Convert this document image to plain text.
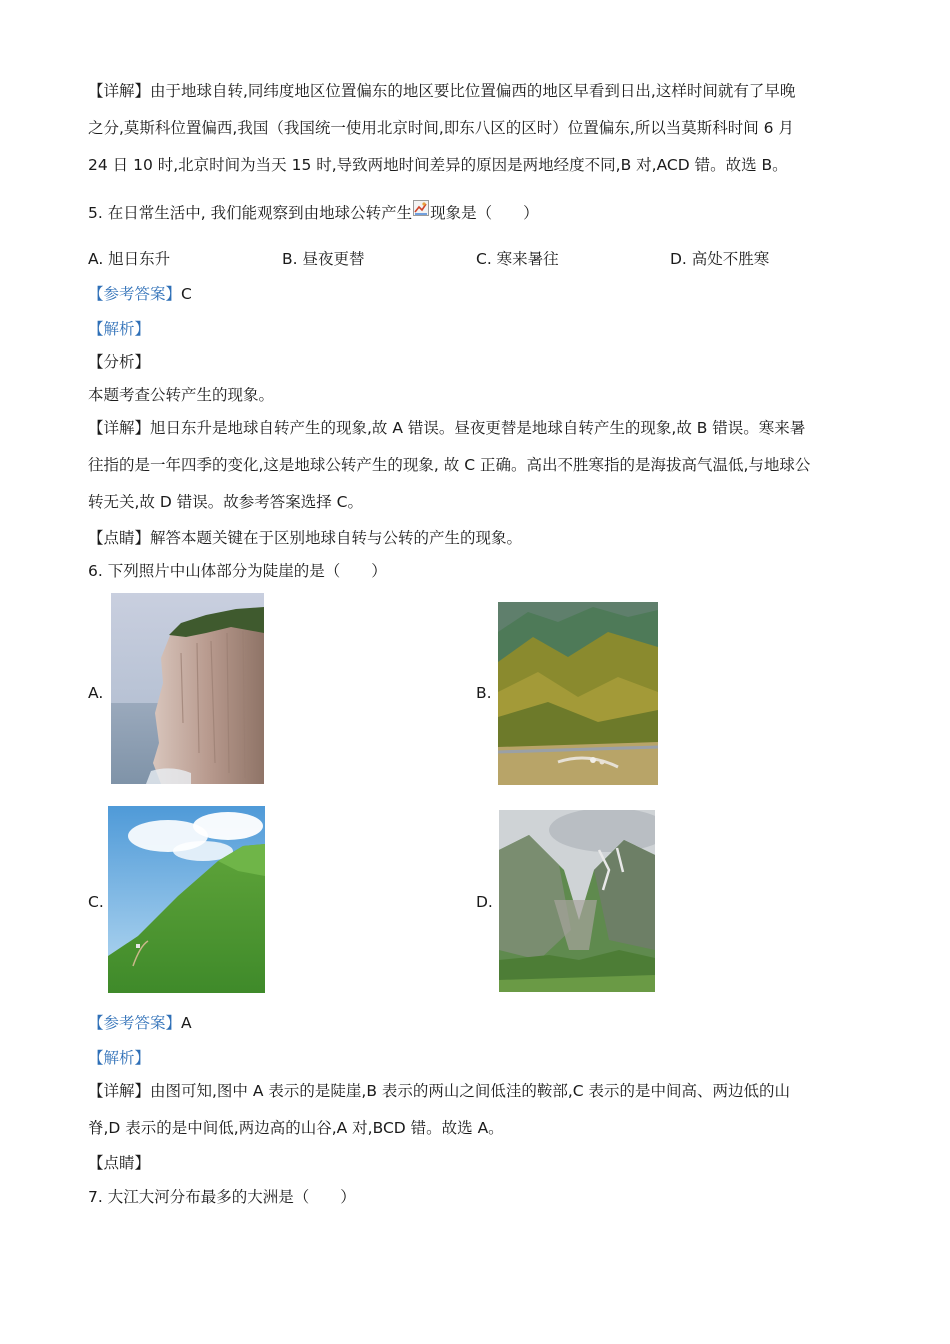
【详解】由于地球自转,同纬度地区位置偏东的地区要比位置偏西的地区早看到日出,这样时间就有了早晚
之分,莫斯科位置偏西,我国（我国统一使用北京时间,即东八区的区时）位置偏东,所以当莫斯科时间 6 月
24 日 10 时,北京时间为当天 15 时,导致两地时间差异的原因是两地经度不同,B 对,ACD 错。故选 B。
5. 在日常生活中, 我们能观察到由地球公转产生 现象是（　　）
A. 旭日东升	B. 昼夜更替	C. 寒来暑往	D. 高处不胜寒
【参考答案】C
【解析】
【分析】
本题考查公转产生的现象。
【详解】旭日东升是地球自转产生的现象,故 A 错误。昼夜更替是地球自转产生的现象,故 B 错误。寒来暑
往指的是一年四季的变化,这是地球公转产生的现象, 故 C 正确。高出不胜寒指的是海拔高气温低,与地球公
转无关,故 D 错误。故参考答案选择 C。
【点睛】解答本题关键在于区别地球自转与公转的产生的现象。
6. 下列照片中山体部分为陡崖的是（　　）
A.	B.
C.	D.
【参考答案】A
【解析】
【详解】由图可知,图中 A 表示的是陡崖,B 表示的两山之间低洼的鞍部,C 表示的是中间高、两边低的山
脊,D 表示的是中间低,两边高的山谷,A 对,BCD 错。故选 A。
【点睛】
7. 大江大河分布最多的大洲是（　　）
